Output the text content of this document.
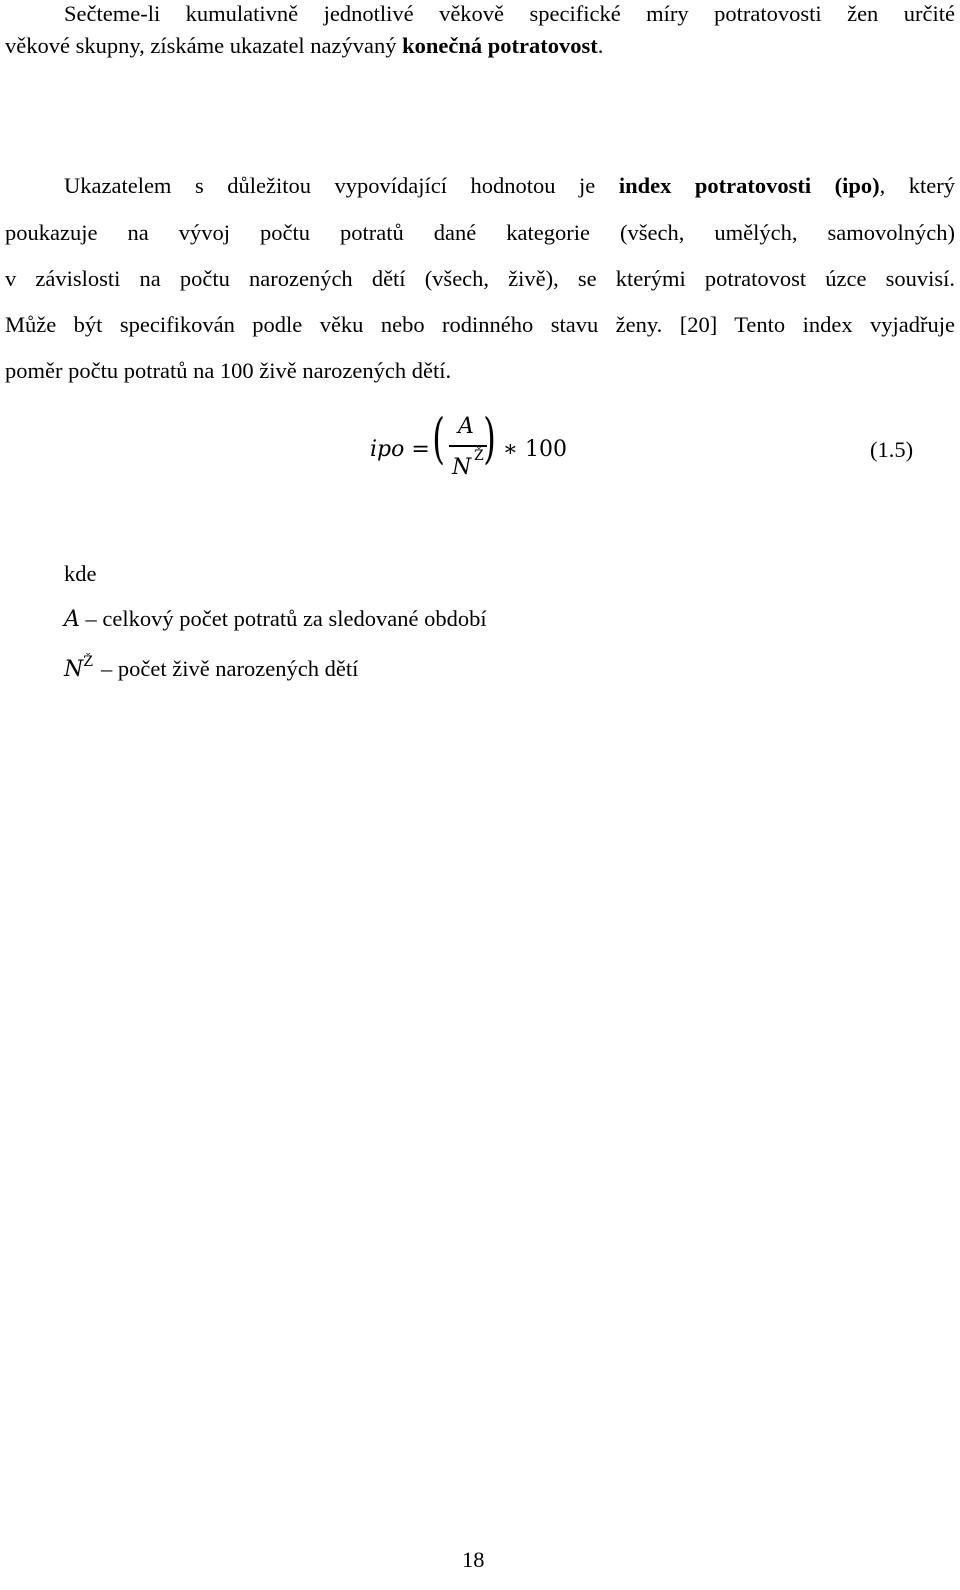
Sečteme-li kumulativně jednotlivé věkově specifické míry potratovosti žen určité
věkové skupny, získáme ukazatel nazývaný konečná potratovost.
Ukazatelem s důležitou vypovídající hodnotou je index potratovosti (ipo), který
poukazuje na vývoj počtu potratů dané kategorie (všech, umělých, samovolných)
v závislosti na počtu narozených dětí (všech, živě), se kterými potratovost úzce souvisí.
Může být specifikován podle věku nebo rodinného stavu ženy. [20] Tento index vyjadřuje
poměr počtu potratů na 100 živě narozených dětí.
ipo = ( A
N Ž ) ∗ 100	(1.5)
kde
A – celkový počet potratů za sledované období
$N^Ž$ – počet živě narozených dětí
18
